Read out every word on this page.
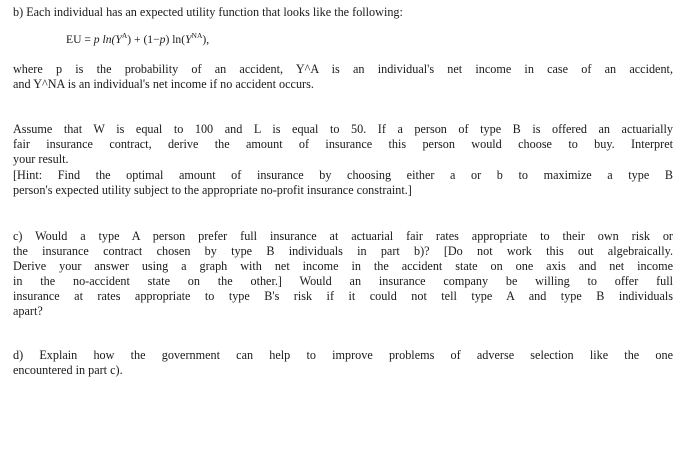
b) Each individual has an expected utility function that looks like the following:
EU = p $\ln(Y^A) + (1-p)$ $\ln(Y^{NA})$,
where p is the probability of an accident, Y^A is an individual's net income in case of an accident,
and Y^NA is an individual's net income if no accident occurs.
Assume that W is equal to 100 and L is equal to 50. If a person of type B is offered an actuarially
fair insurance contract, derive the amount of insurance this person would choose to buy. Interpret
your result.
[Hint: Find the optimal amount of insurance by choosing either a or b to maximize a type B
person's expected utility subject to the appropriate no-profit insurance constraint.]
c) Would a type A person prefer full insurance at actuarial fair rates appropriate to their own risk or
the insurance contract chosen by type B individuals in part b)? [Do not work this out algebraically.
Derive your answer using a graph with net income in the accident state on one axis and net income
in the no-accident state on the other.] Would an insurance company be willing to offer full
insurance at rates appropriate to type B's risk if it could not tell type A and type B individuals
apart?
d) Explain how the government can help to improve problems of adverse selection like the one
encountered in part c).
